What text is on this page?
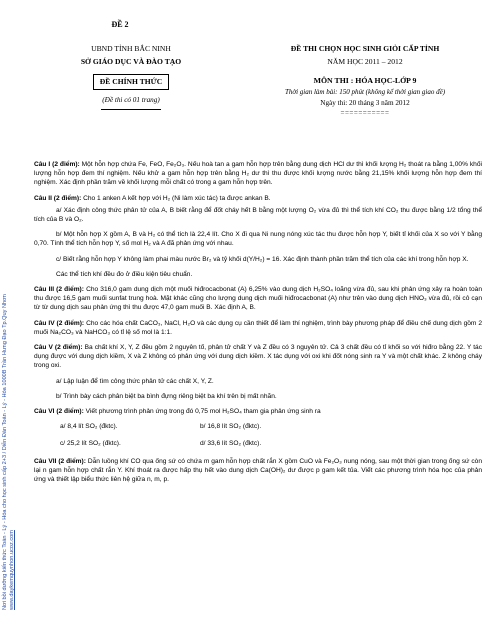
Nơi bồi dưỡng kiến thức Toán - Lý - Hóa cho học sinh cấp 2+3 / Diễn Đàn Toán - Lý - Hóa 1000B Trần Hưng Đạo Tp.Quy Nhơn www.daykemquynhon.ucoz.com
ĐỀ 2
UBND TỈNH BẮC NINH
SỞ GIÁO DỤC VÀ ĐÀO TẠO
ĐỀ CHÍNH THỨC
(Đề thi có 01 trang)
ĐỀ THI CHỌN HỌC SINH GIỎI CẤP TỈNH
NĂM HỌC 2011 – 2012
MÔN THI : HÓA HỌC-LỚP 9
Thời gian làm bài: 150 phút (không kể thời gian giao đề)
Ngày thi: 20 tháng 3 năm 2012
===========

Câu I (2 điểm): Một hỗn hợp chứa Fe, FeO, Fe₂O₃. Nếu hoà tan a gam hỗn hợp trên bằng dung dịch HCl dư thì khối lượng H₂ thoát ra bằng 1,00% khối lượng hỗn hợp đem thí nghiệm. Nếu khử a gam hỗn hợp trên bằng H₂ dư thì thu được khối lượng nước bằng 21,15% khối lượng hỗn hợp đem thí nghiệm. Xác định phần trăm về khối lượng mỗi chất có trong a gam hỗn hợp trên.

Câu II (2 điểm): Cho 1 anken A kết hợp với H₂ (Ni làm xúc tác) ta được ankan B.

a/ Xác định công thức phân tử của A, B biết rằng để đốt cháy hết B bằng một lượng O₂ vừa đủ thì thể tích khí CO₂ thu được bằng 1/2 tổng thể tích của B và O₂.

b/ Một hỗn hợp X gồm A, B và H₂ có thể tích là 22,4 lít. Cho X đi qua Ni nung nóng xúc tác thu được hỗn hợp Y, biết tỉ khối của X so với Y bằng 0,70. Tính thể tích hỗn hợp Y, số mol H₂ và A đã phản ứng với nhau.

c/ Biết rằng hỗn hợp Y không làm phai màu nước Br₂ và tỷ khối d(Y/H₂) = 16. Xác định thành phần trăm thể tích của các khí trong hỗn hợp X.

Các thể tích khí đều đo ở điều kiện tiêu chuẩn.

Câu III (2 điểm): Cho 316,0 gam dung dịch một muối hiđrocacbonat (A) 6,25% vào dung dịch H₂SO₄ loãng vừa đủ, sau khi phản ứng xảy ra hoàn toàn thu được 16,5 gam muối sunfat trung hoà. Mặt khác cũng cho lượng dung dịch muối hiđrocacbonat (A) như trên vào dung dịch HNO₃ vừa đủ, rồi cô cạn từ từ dung dịch sau phản ứng thì thu được 47,0 gam muối B. Xác định A, B.

Câu IV (2 điểm): Cho các hóa chất CaCO₃, NaCl, H₂O và các dụng cụ cần thiết để làm thí nghiệm, trình bày phương pháp để điều chế dung dịch gồm 2 muối Na₂CO₃ và NaHCO₃ có tỉ lệ số mol là 1:1.

Câu V (2 điểm): Ba chất khí X, Y, Z đều gồm 2 nguyên tố, phân tử chất Y và Z đều có 3 nguyên tử. Cả 3 chất đều có tỉ khối so với hiđro bằng 22. Y tác dụng được với dung dịch kiềm, X và Z không có phản ứng với dung dịch kiềm. X tác dụng với oxi khi đốt nóng sinh ra Y và một chất khác. Z không cháy trong oxi.

a/ Lập luận để tìm công thức phân tử các chất X, Y, Z.

b/ Trình bày cách phân biệt ba bình đựng riêng biệt ba khí trên bị mất nhãn.

Câu VI (2 điểm): Viết phương trình phản ứng trong đó 0,75 mol H₂SO₄ tham gia phản ứng sinh ra

a/ 8,4 lít SO₂ (đktc).	b/ 16,8 lít SO₂ (đktc).
c/ 25,2 lít SO₂ (đktc).	d/ 33,6 lít SO₂ (đktc).

Câu VII (2 điểm): Dẫn luồng khí CO qua ống sứ có chứa m gam hỗn hợp chất rắn X gồm CuO và Fe₂O₃ nung nóng, sau một thời gian trong ống sứ còn lại n gam hỗn hợp chất rắn Y. Khí thoát ra được hấp thụ hết vào dung dịch Ca(OH)₂ dư được p gam kết tủa. Viết các phương trình hóa học của phản ứng và thiết lập biểu thức liên hệ giữa n, m, p.
